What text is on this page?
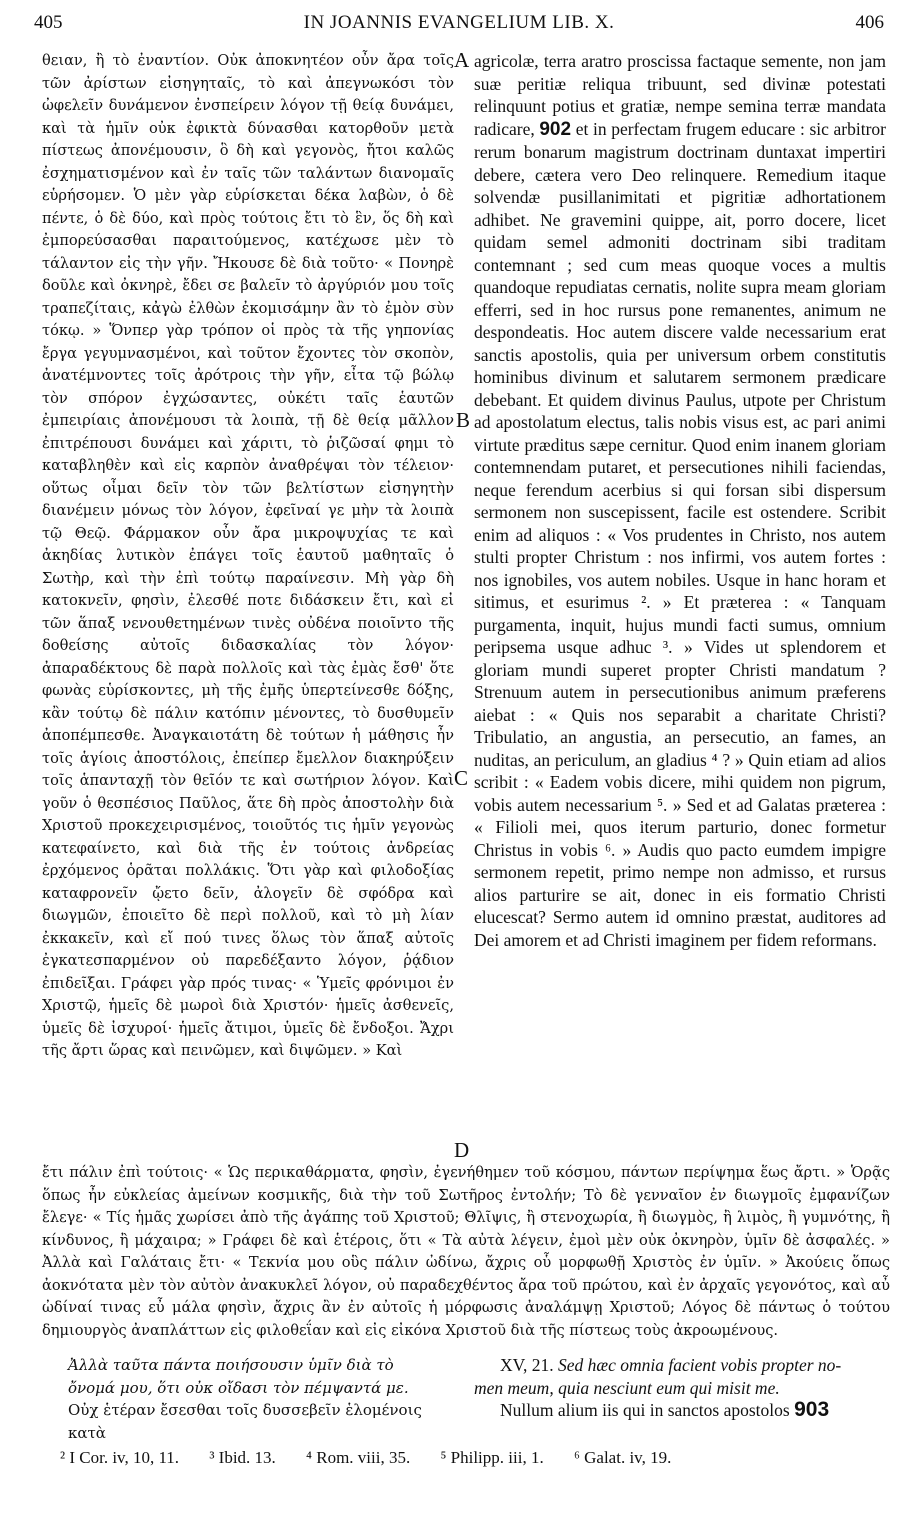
405	IN JOANNIS EVANGELIUM LIB. X.	406

θειαν, ἢ τὸ ἐναντίον. Οὐκ ἀποκνητέον οὖν ἄρα τοῖς τῶν ἀρίστων εἰσηγηταῖς, τὸ καὶ ἀπεγνωκόσι τὸν ὠφελεῖν δυνάμενον ἐνσπείρειν λόγον τῇ θείᾳ δυνάμει, καὶ τὰ ἡμῖν οὐκ ἐφικτὰ δύνασθαι κατορθοῦν μετὰ πίστεως ἀπονέμουσιν, ὃ δὴ καὶ γεγονὸς, ἤτοι καλῶς ἐσχηματισμένον καὶ ἐν ταῖς τῶν ταλάντων διανομαῖς εὑρήσομεν. Ὁ μὲν γὰρ εὑρίσκεται δέκα λαβὼν, ὁ δὲ πέντε, ὁ δὲ δύο, καὶ πρὸς τούτοις ἔτι τὸ ἓν, ὅς δὴ καὶ ἐμπορεύσασθαι παραιτούμενος, κατέχωσε μὲν τὸ τάλαντον εἰς τὴν γῆν. Ἤκουσε δὲ διὰ τοῦτο· « Πονηρὲ δοῦλε καὶ ὀκνηρὲ, ἔδει σε βαλεῖν τὸ ἀργύριόν μου τοῖς τραπεζίταις, κἀγὼ ἐλθὼν ἐκομισάμην ἂν τὸ ἐμὸν σὺν τόκῳ. » Ὅνπερ γὰρ τρόπον οἱ πρὸς τὰ τῆς γηπονίας ἔργα γεγυμνασμένοι, καὶ τοῦτον ἔχοντες τὸν σκοπὸν, ἀνατέμνοντες τοῖς ἀρότροις τὴν γῆν, εἶτα τῷ βώλῳ τὸν σπόρον ἐγχώσαντες, οὐκέτι ταῖς ἑαυτῶν ἐμπειρίαις ἀπονέμουσι τὰ λοιπὰ, τῇ δὲ θείᾳ μᾶλλον ἐπιτρέπουσι δυνάμει καὶ χάριτι, τὸ ῥιζῶσαί φημι τὸ καταβληθὲν καὶ εἰς καρπὸν ἀναθρέψαι τὸν τέλειον· οὕτως οἶμαι δεῖν τὸν τῶν βελτίστων εἰσηγητὴν διανέμειν μόνως τὸν λόγον, ἐφεῖναί γε μὴν τὰ λοιπὰ τῷ Θεῷ. Φάρμακον οὖν ἄρα μικροψυχίας τε καὶ ἀκηδίας λυτικὸν ἐπάγει τοῖς ἑαυτοῦ μαθηταῖς ὁ Σωτὴρ, καὶ τὴν ἐπὶ τούτῳ παραίνεσιν. Μὴ γὰρ δὴ κατοκνεῖν, φησὶν, ἐλεσθέ ποτε διδάσκειν ἔτι, καὶ εἰ τῶν ἅπαξ νενουθετημένων τινὲς οὐδένα ποιοῖντο τῆς δοθείσης αὐτοῖς διδασκαλίας τὸν λόγον· ἀπαραδέκτους δὲ παρὰ πολλοῖς καὶ τὰς ἐμὰς ἔσθ' ὅτε φωνὰς εὑρίσκοντες, μὴ τῆς ἐμῆς ὑπερτείνεσθε δόξης, κἂν τούτῳ δὲ πάλιν κατόπιν μένοντες, τὸ δυσθυμεῖν ἀποπέμπεσθε. Ἀναγκαιοτάτη δὲ τούτων ἡ μάθησις ἦν τοῖς ἁγίοις ἀποστόλοις, ἐπείπερ ἔμελλον διακηρύξειν τοῖς ἁπανταχῇ τὸν θεῖόν τε καὶ σωτήριον λόγον. Καὶ γοῦν ὁ θεσπέσιος Παῦλος, ἅτε δὴ πρὸς ἀποστολὴν διὰ Χριστοῦ προκεχειρισμένος, τοιοῦτός τις ἡμῖν γεγονὼς κατεφαίνετο, καὶ διὰ τῆς ἐν τούτοις ἀνδρείας ἐρχόμενος ὁρᾶται πολλάκις. Ὅτι γὰρ καὶ φιλοδοξίας καταφρονεῖν ᾤετο δεῖν, ἀλογεῖν δὲ σφόδρα καὶ διωγμῶν, ἐποιεῖτο δὲ περὶ πολλοῦ, καὶ τὸ μὴ λίαν ἐκκακεῖν, καὶ εἴ πού τινες ὅλως τὸν ἅπαξ αὐτοῖς ἐγκατεσπαρμένον οὐ παρεδέξαντο λόγον, ῥᾴδιον ἐπιδεῖξαι. Γράφει γὰρ πρός τινας· « Ὑμεῖς φρόνιμοι ἐν Χριστῷ, ἡμεῖς δὲ μωροὶ διὰ Χριστόν· ἡμεῖς ἀσθενεῖς, ὑμεῖς δὲ ἰσχυροί· ἡμεῖς ἄτιμοι, ὑμεῖς δὲ ἔνδοξοι. Ἄχρι τῆς ἄρτι ὥρας καὶ πεινῶμεν, καὶ διψῶμεν. » Καὶ

agricolæ, terra aratro proscissa factaque semente, non jam suæ peritiæ reliqua tribuunt, sed divinæ potestati relinquunt potius et gratiæ, nempe semina terræ mandata radicare, 902 et in perfectam frugem educare : sic arbitror rerum bonarum magistrum doctrinam duntaxat impertiri debere, cætera vero Deo relinquere. Remedium itaque solvendæ pusillanimitati et pigritiæ adhortationem adhibet. Ne gravemini quippe, ait, porro docere, licet quidam semel admoniti doctrinam sibi traditam contemnant ; sed cum meas quoque voces a multis quandoque repudiatas cernatis, nolite supra meam gloriam efferri, sed in hoc rursus pone remanentes, animum ne despondeatis. Hoc autem discere valde necessarium erat sanctis apostolis, quia per universum orbem constitutis hominibus divinum et salutarem sermonem prædicare debebant. Et quidem divinus Paulus, utpote per Christum ad apostolatum electus, talis nobis visus est, ac pari animi virtute præditus sæpe cernitur. Quod enim inanem gloriam contemnendam putaret, et persecutiones nihili faciendas, neque ferendum acerbius si qui forsan sibi dispersum sermonem non suscepissent, facile est ostendere. Scribit enim ad aliquos : « Vos prudentes in Christo, nos autem stulti propter Christum : nos infirmi, vos autem fortes : nos ignobiles, vos autem nobiles. Usque in hanc horam et sitimus, et esurimus ². » Et præterea : « Tanquam purgamenta, inquit, hujus mundi facti sumus, omnium peripsema usque adhuc ³. » Vides ut splendorem et gloriam mundi superet propter Christi mandatum ? Strenuum autem in persecutionibus animum præferens aiebat : « Quis nos separabit a charitate Christi? Tribulatio, an angustia, an persecutio, an fames, an nuditas, an periculum, an gladius ⁴ ? » Quin etiam ad alios scribit : « Eadem vobis dicere, mihi quidem non pigrum, vobis autem necessarium ⁵. » Sed et ad Galatas præterea : « Filioli mei, quos iterum parturio, donec formetur Christus in vobis ⁶. » Audis quo pacto eumdem impigre sermonem repetit, primo nempe non admisso, et rursus alios parturire se ait, donec in eis formatio Christi elucescat? Sermo autem id omnino præstat, auditores ad Dei amorem et ad Christi imaginem per fidem reformans.

A
B
C
D

ἔτι πάλιν ἐπὶ τούτοις· « Ὡς περικαθάρματα, φησὶν, ἐγενήθημεν τοῦ κόσμου, πάντων περίψημα ἕως ἄρτι. » Ὁρᾷς ὅπως ἦν εὐκλείας ἀμείνων κοσμικῆς, διὰ τὴν τοῦ Σωτῆρος ἐντολήν; Τὸ δὲ γενναῖον ἐν διωγμοῖς ἐμφανίζων ἔλεγε· « Τίς ἡμᾶς χωρίσει ἀπὸ τῆς ἀγάπης τοῦ Χριστοῦ; Θλῖψις, ἢ στενοχωρία, ἢ διωγμὸς, ἢ λιμὸς, ἢ γυμνότης, ἢ κίνδυνος, ἢ μάχαιρα; » Γράφει δὲ καὶ ἑτέροις, ὅτι « Τὰ αὐτὰ λέγειν, ἐμοὶ μὲν οὐκ ὀκνηρὸν, ὑμῖν δὲ ἀσφαλές. » Ἀλλὰ καὶ Γαλάταις ἔτι· « Τεκνία μου οὓς πάλιν ὠδίνω, ἄχρις οὗ μορφωθῇ Χριστὸς ἐν ὑμῖν. » Ἀκούεις ὅπως ἀοκνότατα μὲν τὸν αὐτὸν ἀνακυκλεῖ λόγον, οὐ παραδεχθέντος ἄρα τοῦ πρώτου, καὶ ἐν ἀρχαῖς γεγονότος, καὶ αὖ ὠδίναί τινας εὖ μάλα φησὶν, ἄχρις ἂν ἐν αὐτοῖς ἡ μόρφωσις ἀναλάμψῃ Χριστοῦ; Λόγος δὲ πάντως ὁ τούτου δημιουργὸς ἀναπλάττων εἰς φιλοθεΐαν καὶ εἰς εἰκόνα Χριστοῦ διὰ τῆς πίστεως τοὺς ἀκροωμένους.

Ἀλλὰ ταῦτα πάντα ποιήσουσιν ὑμῖν διὰ τὸ
ὄνομά μου, ὅτι οὐκ οἴδασι τὸν πέμψαντά με.
Οὐχ ἑτέραν ἔσεσθαι τοῖς δυσσεβεῖν ἑλομένοις κατὰ
XV, 21. Sed hæc omnia facient vobis propter no-
men meum, quia nesciunt eum qui misit me.
Nullum alium iis qui in sanctos apostolos 903
² I Cor. iv, 10, 11. ³ Ibid. 13. ⁴ Rom. viii, 35. ⁵ Philipp. iii, 1. ⁶ Galat. iv, 19.
